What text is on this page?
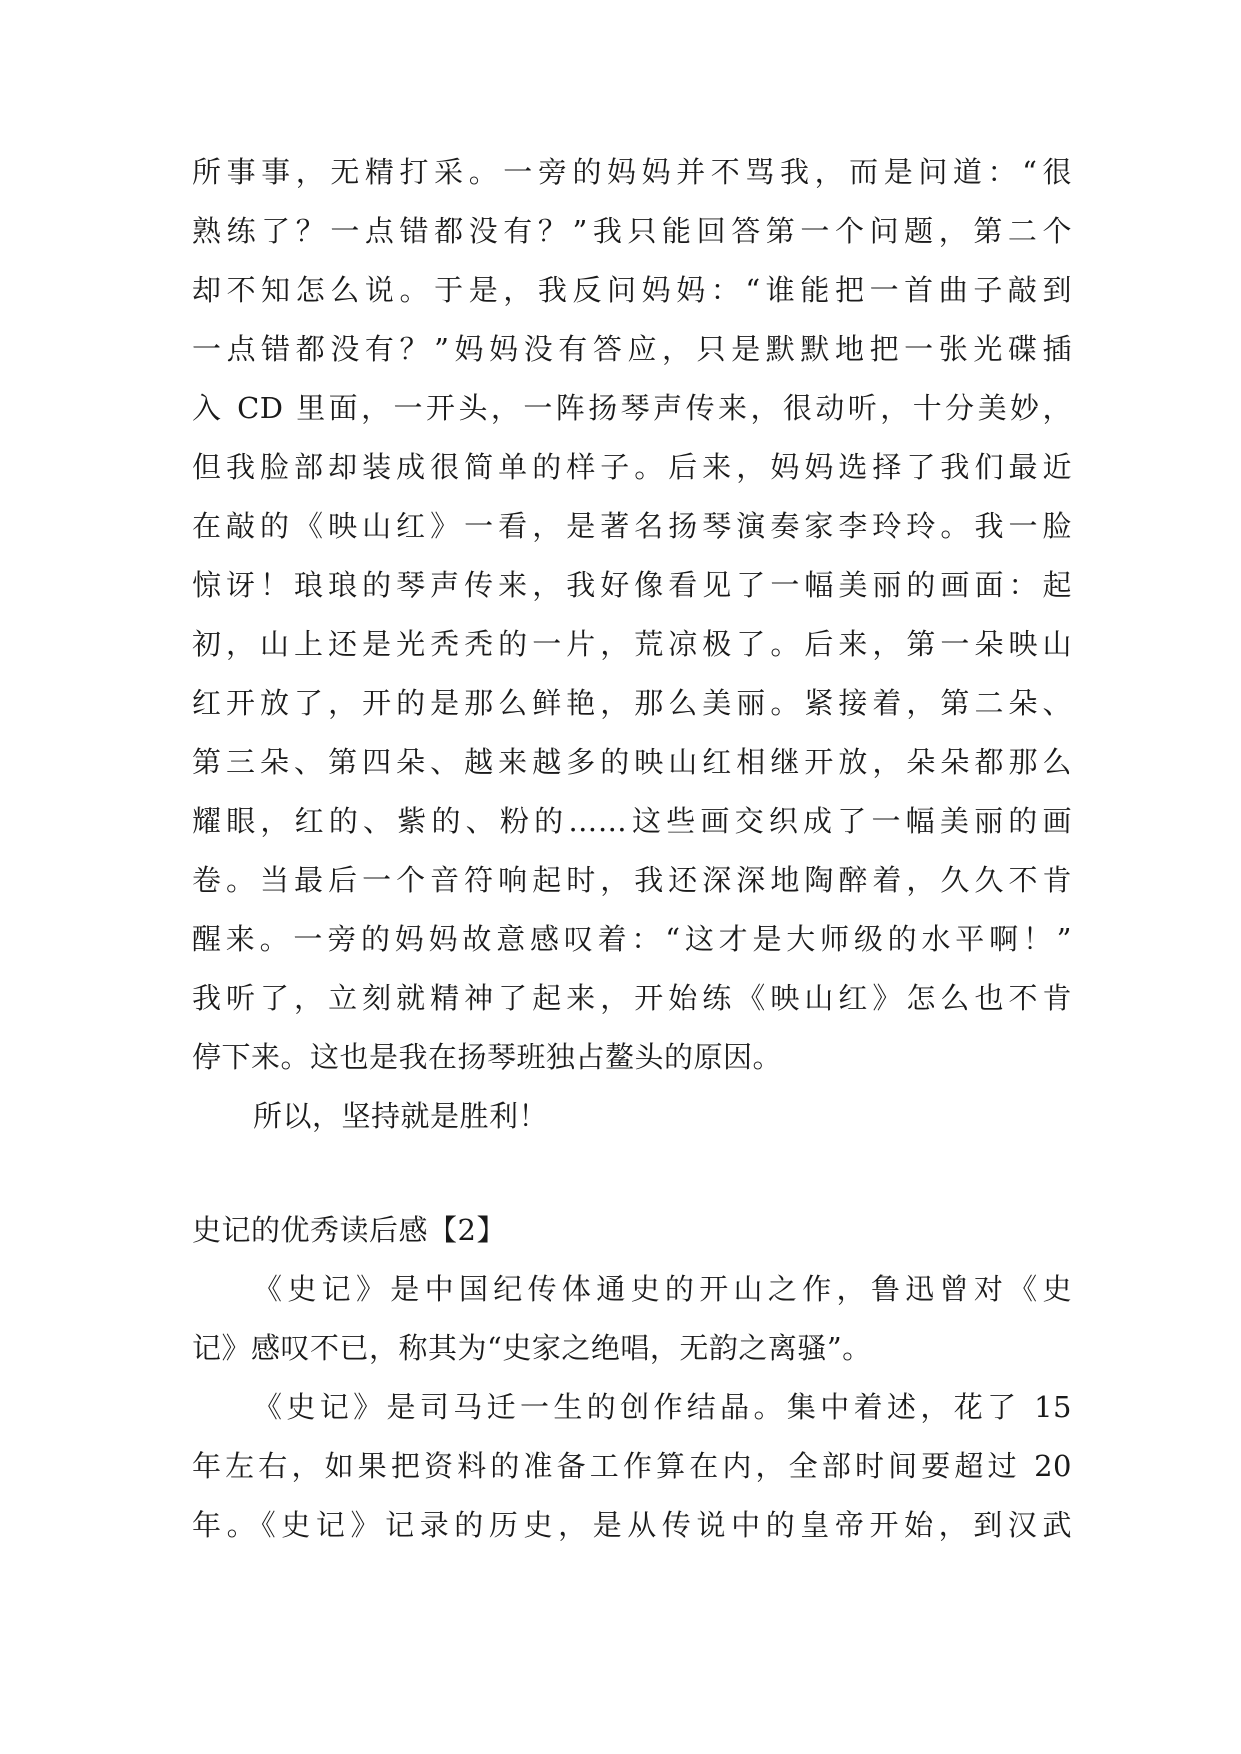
所事事，无精打采。一旁的妈妈并不骂我，而是问道：“很
熟练了？一点错都没有？”我只能回答第一个问题，第二个
却不知怎么说。于是，我反问妈妈：“谁能把一首曲子敲到
一点错都没有？”妈妈没有答应，只是默默地把一张光碟插
入 CD 里面，一开头，一阵扬琴声传来，很动听，十分美妙，
但我脸部却装成很简单的样子。后来，妈妈选择了我们最近
在敲的《映山红》一看，是著名扬琴演奏家李玲玲。我一脸
惊讶！琅琅的琴声传来，我好像看见了一幅美丽的画面：起
初，山上还是光秃秃的一片，荒凉极了。后来，第一朵映山
红开放了，开的是那么鲜艳，那么美丽。紧接着，第二朵、
第三朵、第四朵、越来越多的映山红相继开放，朵朵都那么
耀眼，红的、紫的、粉的……这些画交织成了一幅美丽的画
卷。当最后一个音符响起时，我还深深地陶醉着，久久不肯
醒来。一旁的妈妈故意感叹着：“这才是大师级的水平啊！”
我听了，立刻就精神了起来，开始练《映山红》怎么也不肯
停下来。这也是我在扬琴班独占鳌头的原因。
所以，坚持就是胜利！
史记的优秀读后感【2】
《史记》是中国纪传体通史的开山之作，鲁迅曾对《史
记》感叹不已，称其为“史家之绝唱，无韵之离骚”。
《史记》是司马迁一生的创作结晶。集中着述，花了 15
年左右，如果把资料的准备工作算在内，全部时间要超过 20
年。《史记》记录的历史，是从传说中的皇帝开始，到汉武
